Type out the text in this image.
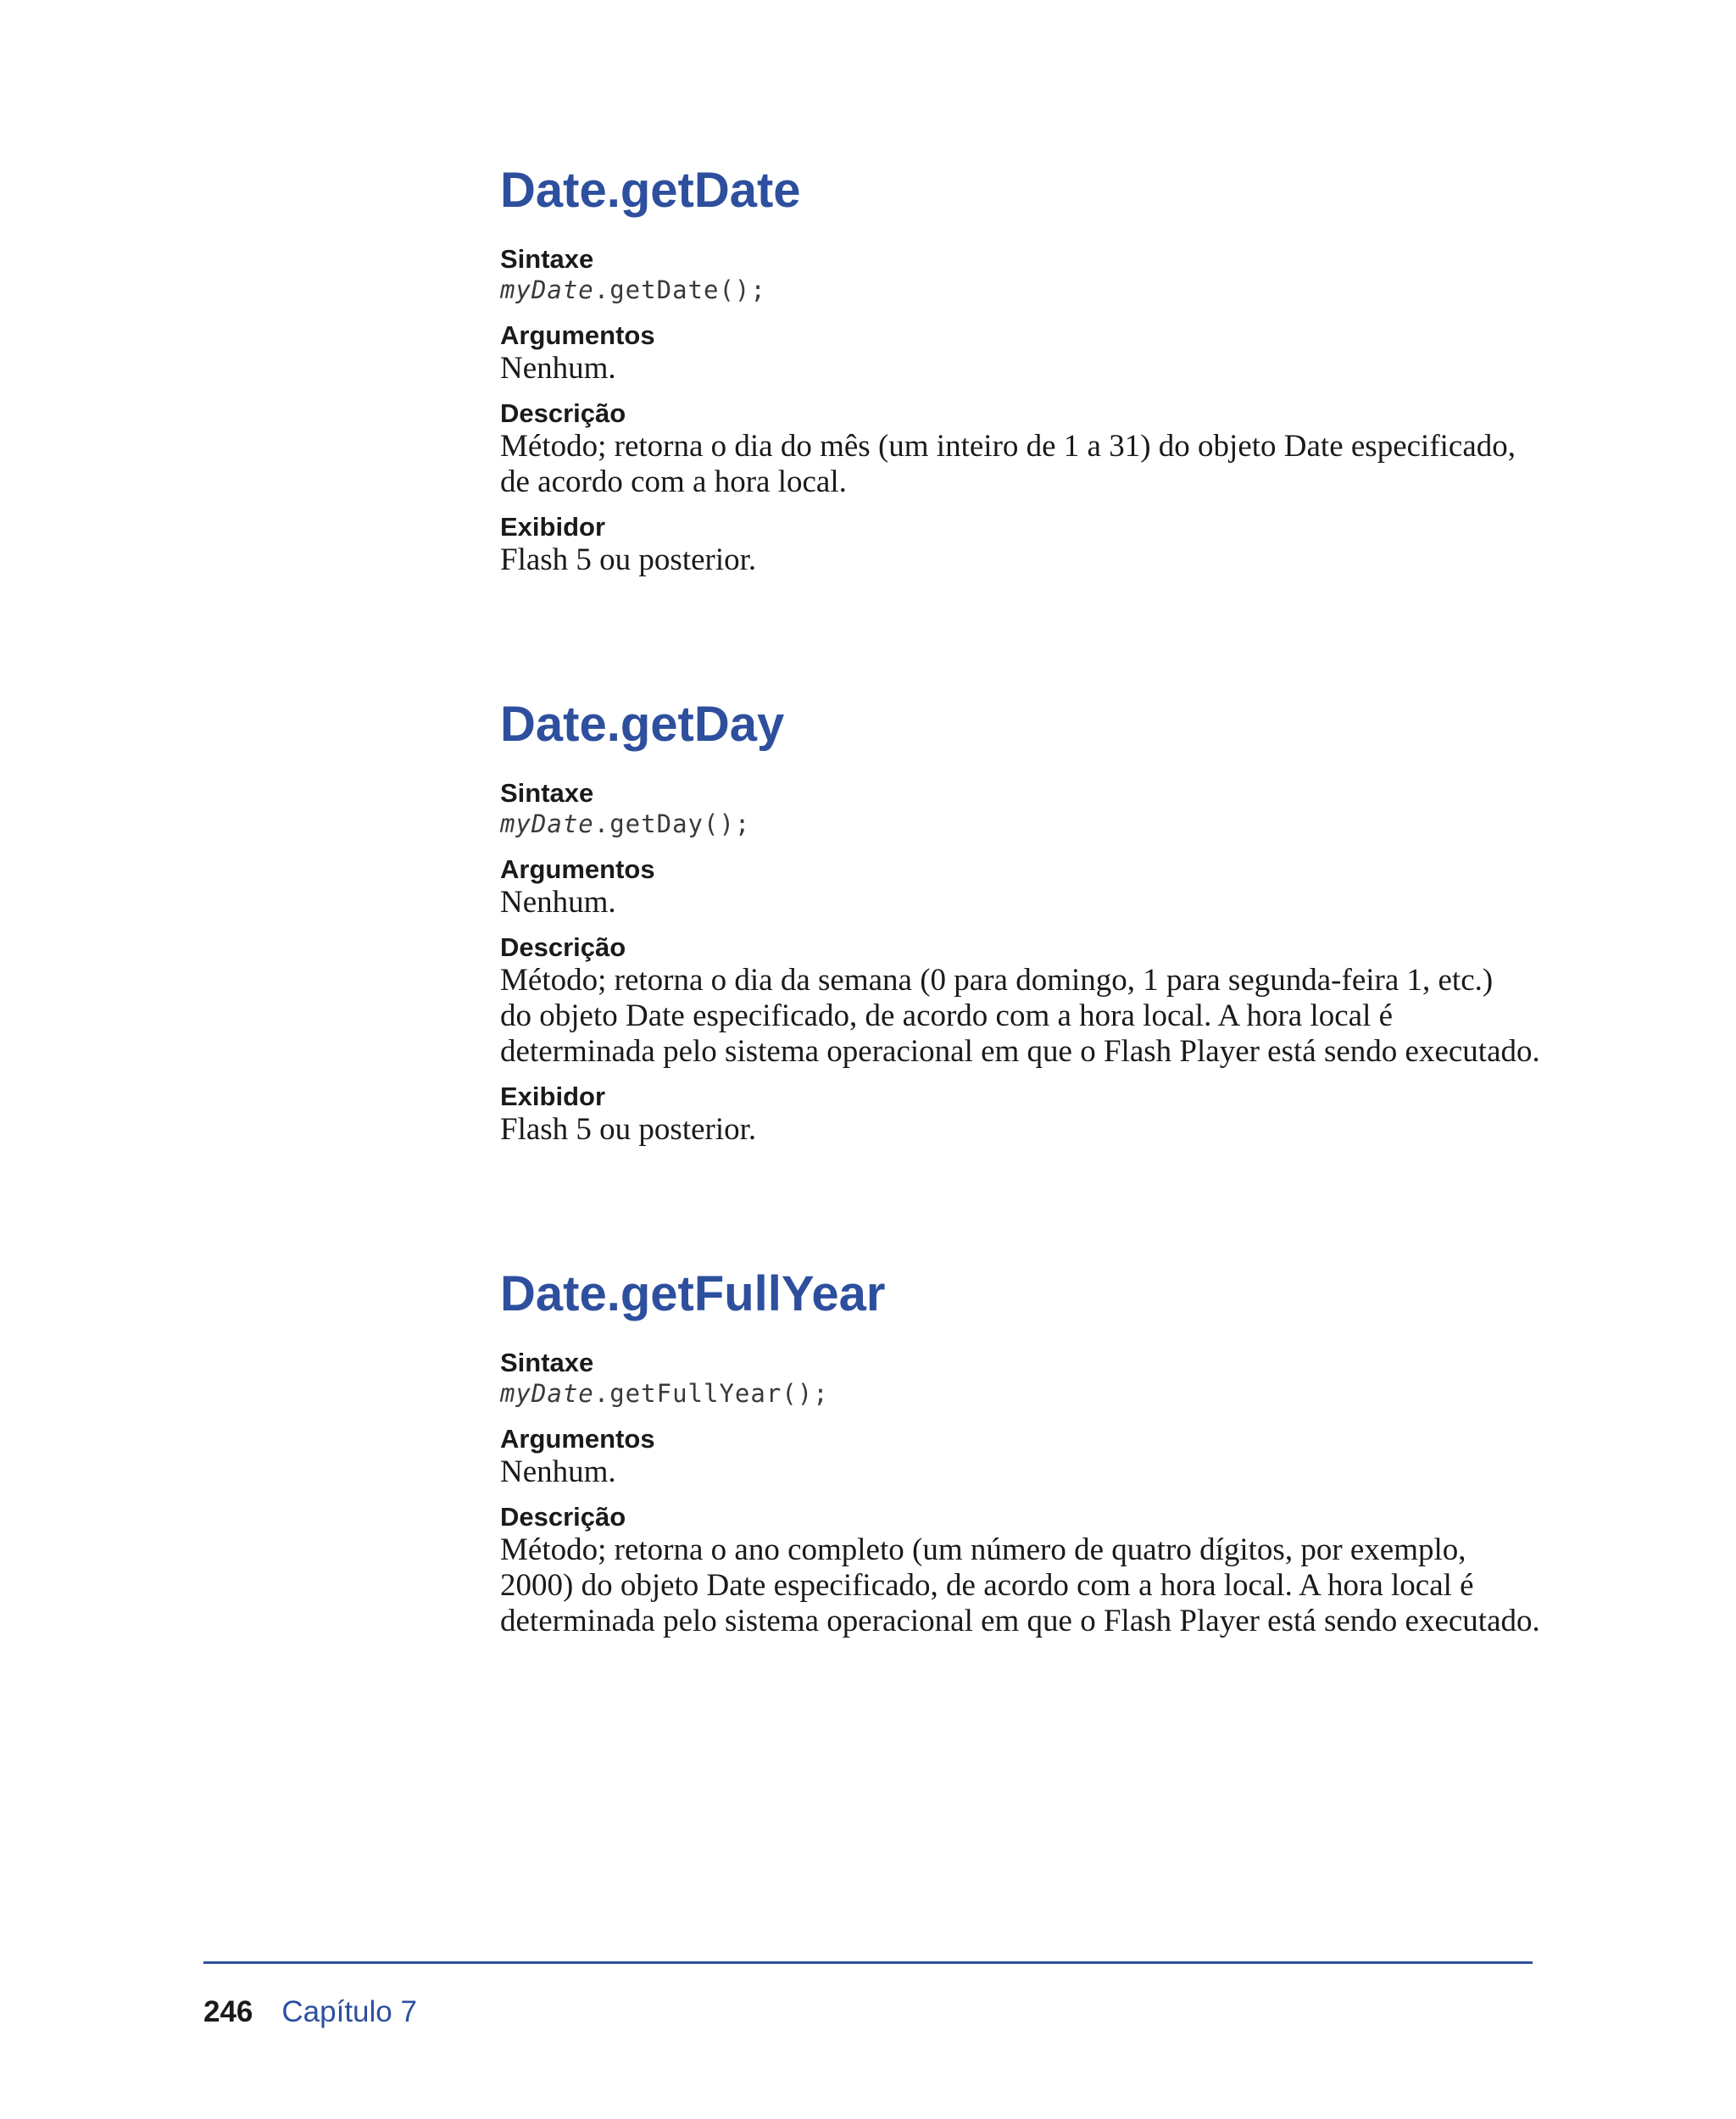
Date.getDate

Sintaxe

myDate.getDate();

Argumentos

Nenhum.

Descrição

Método; retorna o dia do mês (um inteiro de 1 a 31) do objeto Date especificado,

de acordo com a hora local.

Exibidor

Flash 5 ou posterior.

Date.getDay

Sintaxe

myDate.getDay();

Argumentos

Nenhum.

Descrição

Método; retorna o dia da semana (0 para domingo, 1 para segunda-feira 1, etc.)

do objeto Date especificado, de acordo com a hora local. A hora local é

determinada pelo sistema operacional em que o Flash Player está sendo executado.

Exibidor

Flash 5 ou posterior.

Date.getFullYear

Sintaxe

myDate.getFullYear();

Argumentos

Nenhum.

Descrição

Método; retorna o ano completo (um número de quatro dígitos, por exemplo,

2000) do objeto Date especificado, de acordo com a hora local. A hora local é

determinada pelo sistema operacional em que o Flash Player está sendo executado.

246 Capítulo 7
